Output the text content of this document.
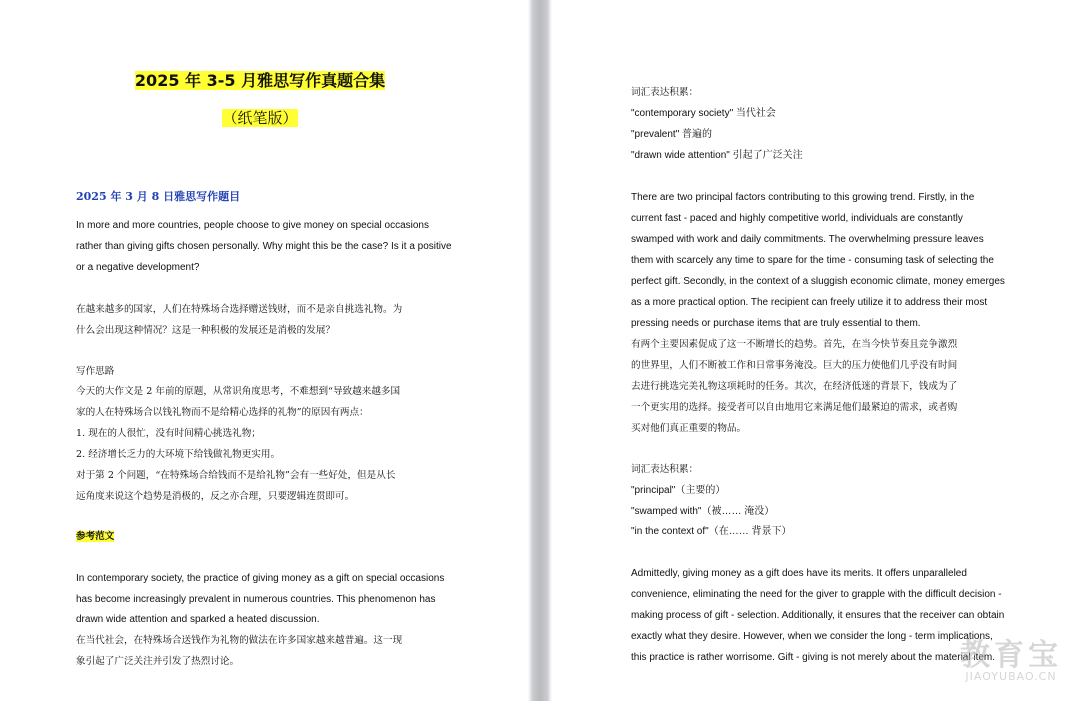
2025 年 3-5 月雅思写作真题合集
（纸笔版）
2025 年 3 月 8 日雅思写作题目
In more and more countries, people choose to give money on special occasions
rather than giving gifts chosen personally. Why might this be the case? Is it a positive
or a negative development?
在越来越多的国家，人们在特殊场合选择赠送钱财，而不是亲自挑选礼物。为
什么会出现这种情况？这是一种积极的发展还是消极的发展？
写作思路
今天的大作文是 2 年前的原题，从常识角度思考，不难想到“导致越来越多国
家的人在特殊场合以钱礼物而不是给精心选择的礼物”的原因有两点：
1. 现在的人很忙，没有时间精心挑选礼物；
2. 经济增长乏力的大环境下给钱做礼物更实用。
对于第 2 个问题，“在特殊场合给钱而不是给礼物”会有一些好处，但是从长
远角度来说这个趋势是消极的，反之亦合理，只要逻辑连贯即可。
参考范文
In contemporary society, the practice of giving money as a gift on special occasions
has become increasingly prevalent in numerous countries. This phenomenon has
drawn wide attention and sparked a heated discussion.
在当代社会，在特殊场合送钱作为礼物的做法在许多国家越来越普遍。这一现
象引起了广泛关注并引发了热烈讨论。
词汇表达积累：
"contemporary society" 当代社会
"prevalent" 普遍的
"drawn wide attention" 引起了广泛关注
There are two principal factors contributing to this growing trend. Firstly, in the
current fast - paced and highly competitive world, individuals are constantly
swamped with work and daily commitments. The overwhelming pressure leaves
them with scarcely any time to spare for the time - consuming task of selecting the
perfect gift. Secondly, in the context of a sluggish economic climate, money emerges
as a more practical option. The recipient can freely utilize it to address their most
pressing needs or purchase items that are truly essential to them.
有两个主要因素促成了这一不断增长的趋势。首先，在当今快节奏且竞争激烈
的世界里，人们不断被工作和日常事务淹没。巨大的压力使他们几乎没有时间
去进行挑选完美礼物这项耗时的任务。其次，在经济低迷的背景下，钱成为了
一个更实用的选择。接受者可以自由地用它来满足他们最紧迫的需求，或者购
买对他们真正重要的物品。
词汇表达积累：
"principal"（主要的）
"swamped with"（被…… 淹没）
"in the context of"（在…… 背景下）
Admittedly, giving money as a gift does have its merits. It offers unparalleled
convenience, eliminating the need for the giver to grapple with the difficult decision -
making process of gift - selection. Additionally, it ensures that the receiver can obtain
exactly what they desire. However, when we consider the long - term implications,
this practice is rather worrisome. Gift - giving is not merely about the material item.
教育宝
JIAOYUBAO.CN
